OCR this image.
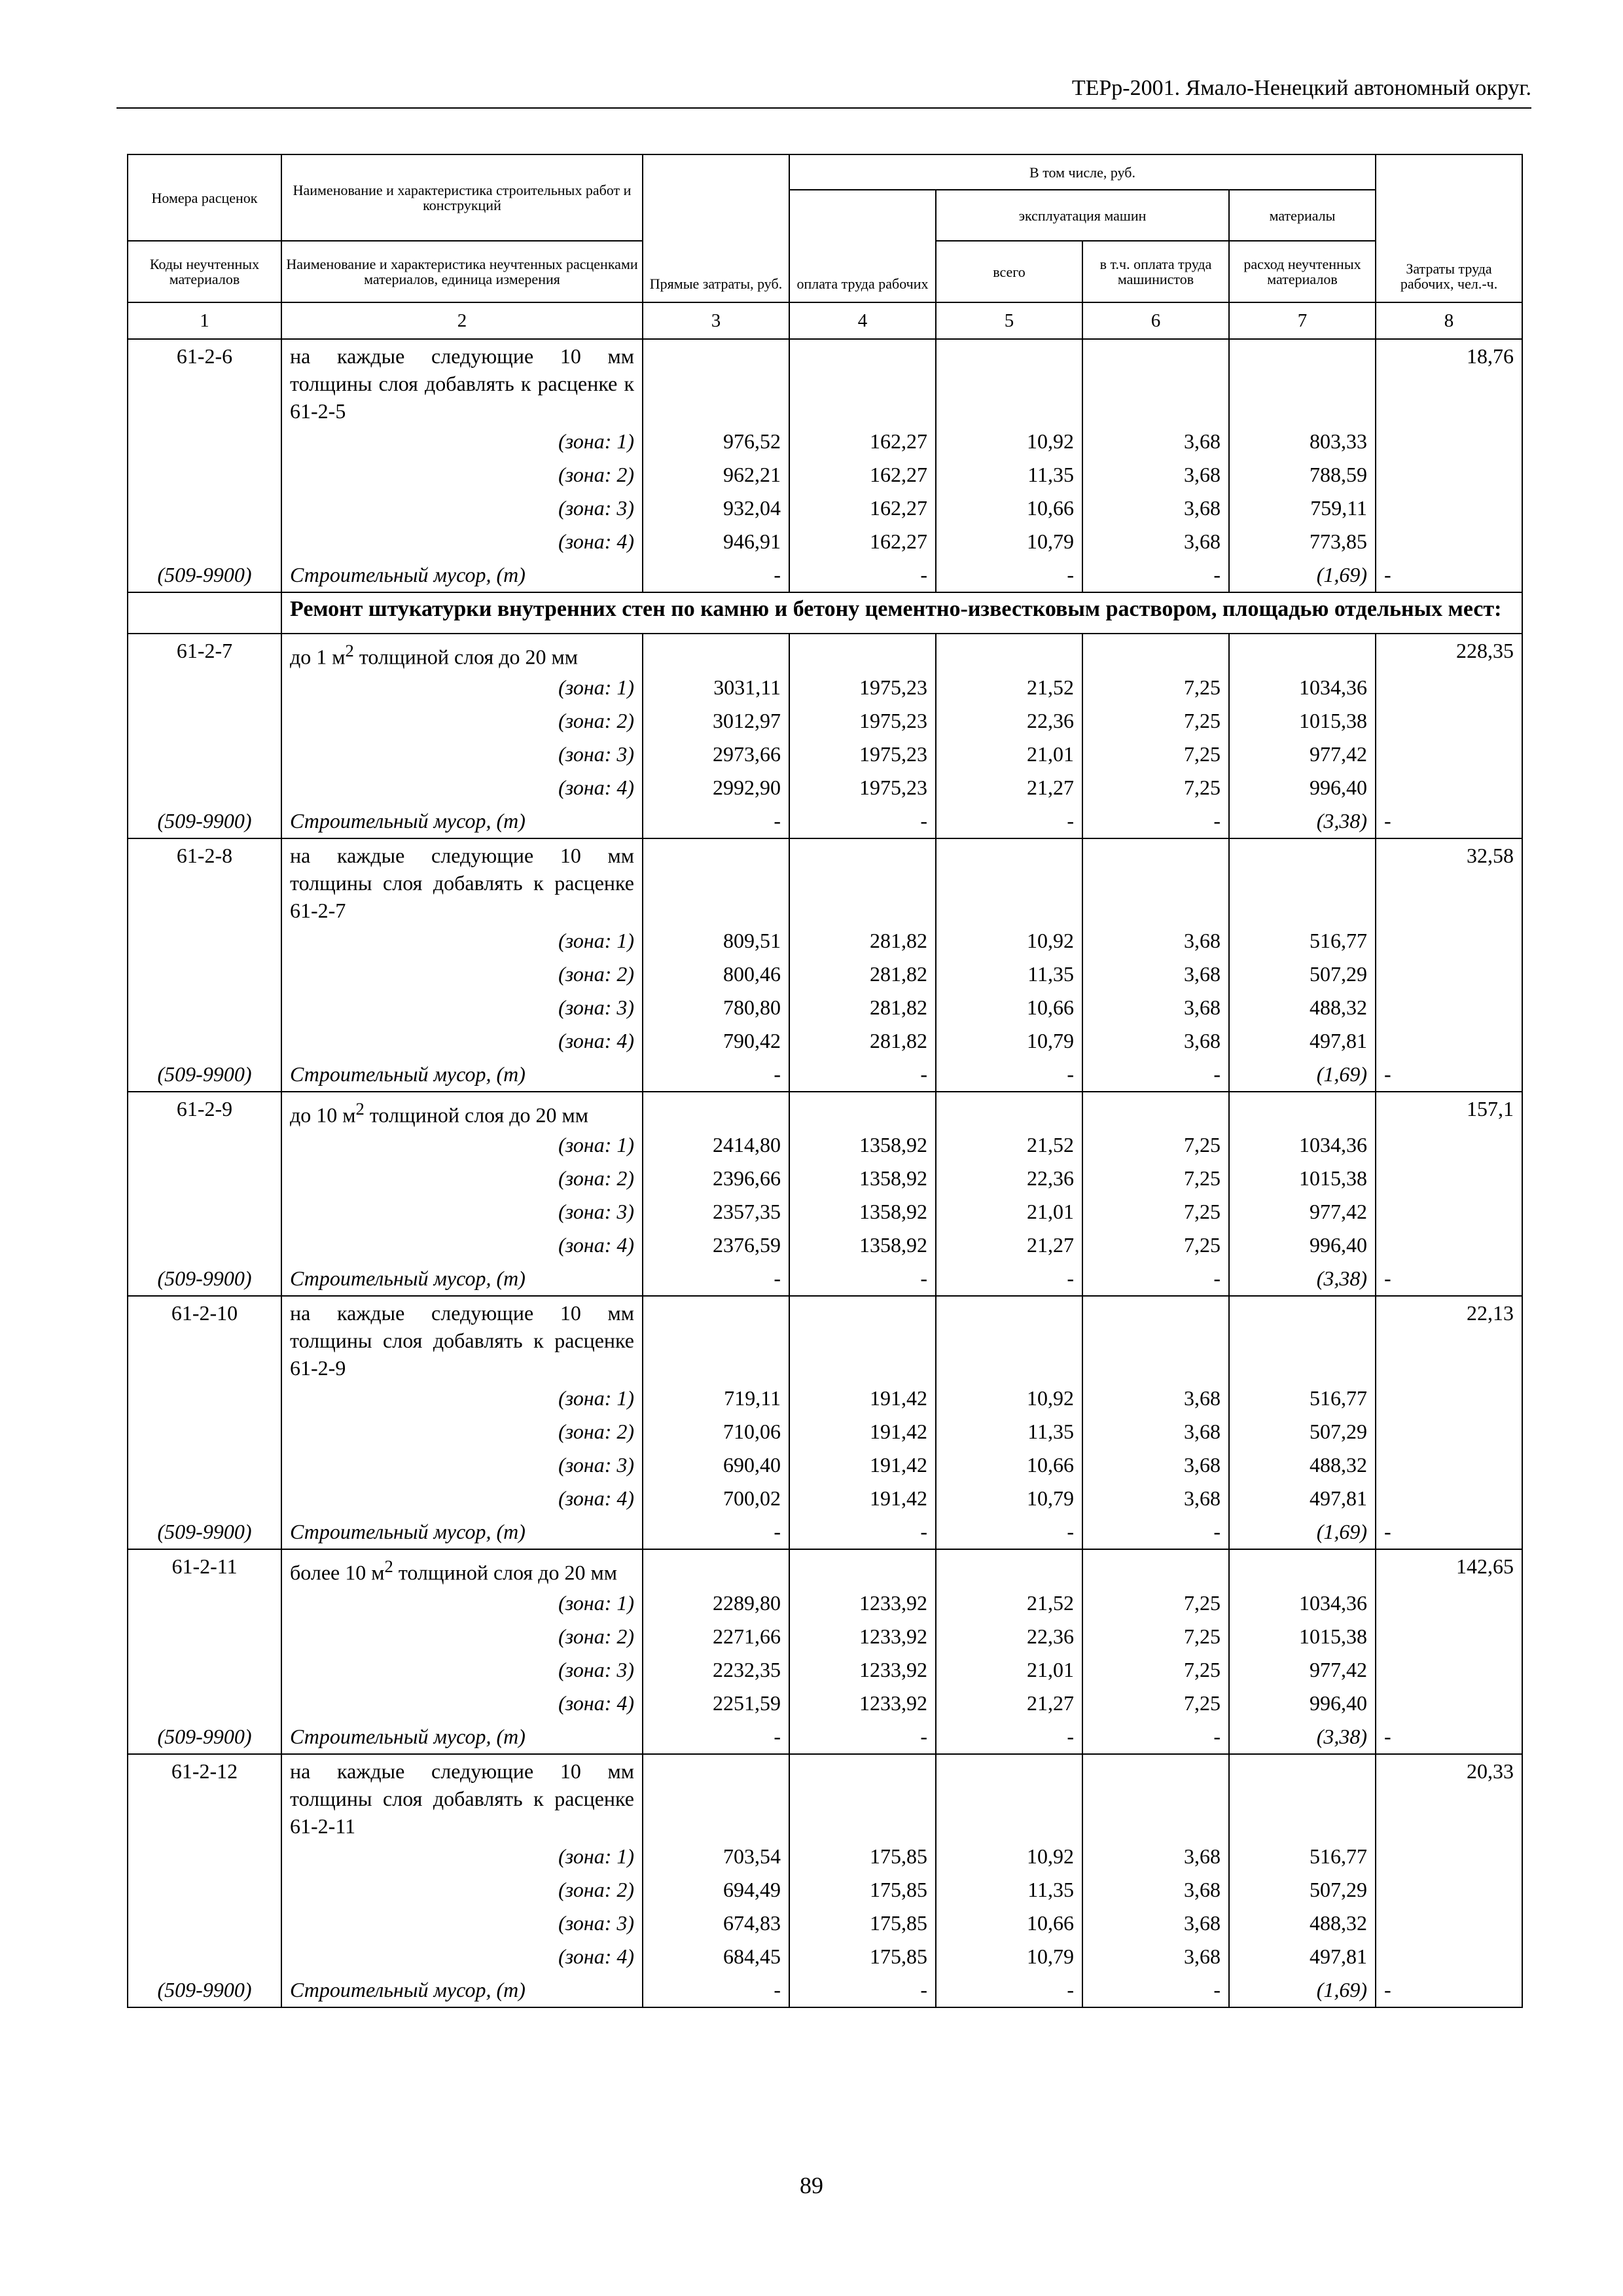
ТЕРр-2001. Ямало-Ненецкий автономный округ.
Номера расценок	Наименование и характеристика строительных работ и конструкций	Прямые затраты, руб.	В том числе, руб.				Затраты труда рабочих, чел.-ч.
			оплата труда рабочих	эксплуатация машин		материалы	
Коды неучтенных материалов	Наименование и характеристика неучтенных расценками материалов, единица измерения			всего	в т.ч. оплата труда машинистов	расход неучтенных материалов	
1	2	3	4	5	6	7	8
61-2-6	на каждые следующие 10 мм толщины слоя добавлять к расценке к 61-2-5						18,76
	(зона: 1)	976,52	162,27	10,92	3,68	803,33	
	(зона: 2)	962,21	162,27	11,35	3,68	788,59	
	(зона: 3)	932,04	162,27	10,66	3,68	759,11	
	(зона: 4)	946,91	162,27	10,79	3,68	773,85	
(509-9900)	Строительный мусор, (т)	-	-	-	-	(1,69)	-
	Ремонт штукатурки внутренних стен по камню и бетону цементно-известковым раствором, площадью отдельных мест:						
61-2-7	до 1 $м^2$ толщиной слоя до 20 мм						228,35
	(зона: 1)	3031,11	1975,23	21,52	7,25	1034,36	
	(зона: 2)	3012,97	1975,23	22,36	7,25	1015,38	
	(зона: 3)	2973,66	1975,23	21,01	7,25	977,42	
	(зона: 4)	2992,90	1975,23	21,27	7,25	996,40	
(509-9900)	Строительный мусор, (т)	-	-	-	-	(3,38)	-
61-2-8	на каждые следующие 10 мм толщины слоя добавлять к расценке 61-2-7						32,58
	(зона: 1)	809,51	281,82	10,92	3,68	516,77	
	(зона: 2)	800,46	281,82	11,35	3,68	507,29	
	(зона: 3)	780,80	281,82	10,66	3,68	488,32	
	(зона: 4)	790,42	281,82	10,79	3,68	497,81	
(509-9900)	Строительный мусор, (т)	-	-	-	-	(1,69)	-
61-2-9	до 10 $м^2$ толщиной слоя до 20 мм						157,1
	(зона: 1)	2414,80	1358,92	21,52	7,25	1034,36	
	(зона: 2)	2396,66	1358,92	22,36	7,25	1015,38	
	(зона: 3)	2357,35	1358,92	21,01	7,25	977,42	
	(зона: 4)	2376,59	1358,92	21,27	7,25	996,40	
(509-9900)	Строительный мусор, (т)	-	-	-	-	(3,38)	-
61-2-10	на каждые следующие 10 мм толщины слоя добавлять к расценке 61-2-9						22,13
	(зона: 1)	719,11	191,42	10,92	3,68	516,77	
	(зона: 2)	710,06	191,42	11,35	3,68	507,29	
	(зона: 3)	690,40	191,42	10,66	3,68	488,32	
	(зона: 4)	700,02	191,42	10,79	3,68	497,81	
(509-9900)	Строительный мусор, (т)	-	-	-	-	(1,69)	-
61-2-11	более 10 $м^2$ толщиной слоя до 20 мм						142,65
	(зона: 1)	2289,80	1233,92	21,52	7,25	1034,36	
	(зона: 2)	2271,66	1233,92	22,36	7,25	1015,38	
	(зона: 3)	2232,35	1233,92	21,01	7,25	977,42	
	(зона: 4)	2251,59	1233,92	21,27	7,25	996,40	
(509-9900)	Строительный мусор, (т)	-	-	-	-	(3,38)	-
61-2-12	на каждые следующие 10 мм толщины слоя добавлять к расценке 61-2-11						20,33
	(зона: 1)	703,54	175,85	10,92	3,68	516,77	
	(зона: 2)	694,49	175,85	11,35	3,68	507,29	
	(зона: 3)	674,83	175,85	10,66	3,68	488,32	
	(зона: 4)	684,45	175,85	10,79	3,68	497,81	
(509-9900)	Строительный мусор, (т)	-	-	-	-	(1,69)	-
89
